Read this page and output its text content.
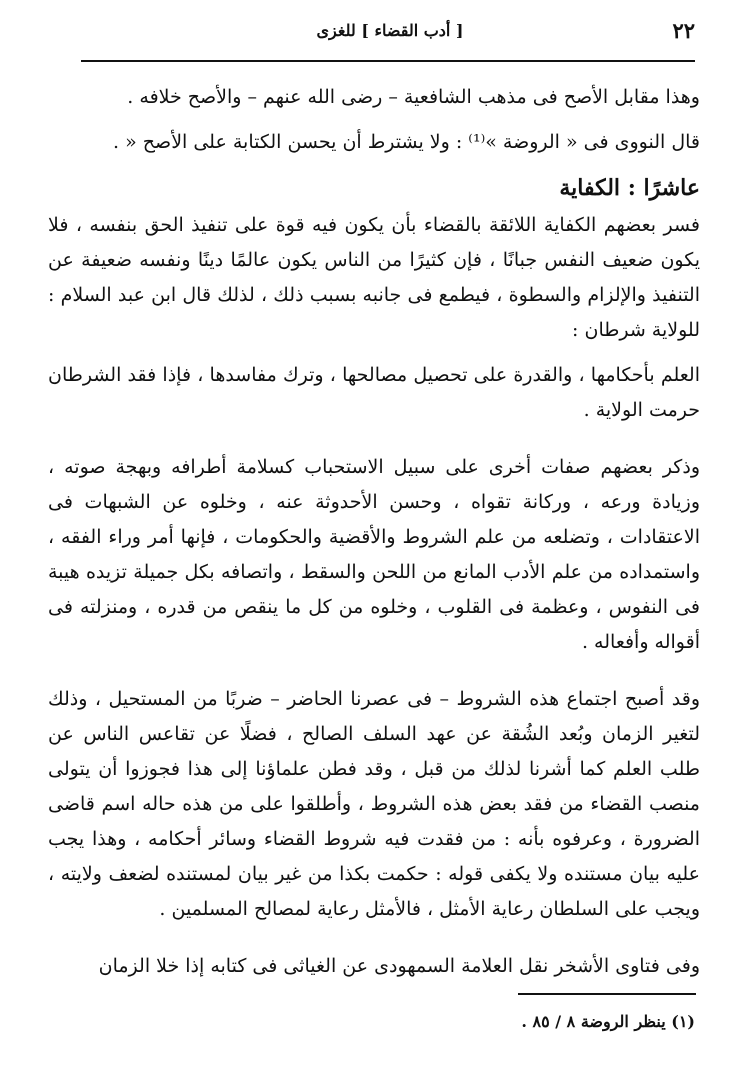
٢٢
[ أدب القضاء ] للغزى

وهذا مقابل الأصح فى مذهب الشافعية – رضى الله عنهم – والأصح خلافه .

قال النووى فى « الروضة »⁽¹⁾ : ولا يشترط أن يحسن الكتابة على الأصح « .

عاشرًا : الكفاية

فسر بعضهم الكفاية اللائقة بالقضاء بأن يكون فيه قوة على تنفيذ الحق بنفسه ، فلا يكون ضعيف النفس جبانًا ، فإن كثيرًا من الناس يكون عالمًا دينًا ونفسه ضعيفة عن التنفيذ والإلزام والسطوة ، فيطمع فى جانبه بسبب ذلك ، لذلك قال ابن عبد السلام : للولاية شرطان :

العلم بأحكامها ، والقدرة على تحصيل مصالحها ، وترك مفاسدها ، فإذا فقد الشرطان حرمت الولاية .

وذكر بعضهم صفات أخرى على سبيل الاستحباب كسلامة أطرافه وبهجة صوته ، وزيادة ورعه ، وركانة تقواه ، وحسن الأحدوثة عنه ، وخلوه عن الشبهات فى الاعتقادات ، وتضلعه من علم الشروط والأقضية والحكومات ، فإنها أمر وراء الفقه ، واستمداده من علم الأدب المانع من اللحن والسقط ، واتصافه بكل جميلة تزيده هيبة فى النفوس ، وعظمة فى القلوب ، وخلوه من كل ما ينقص من قدره ، ومنزلته فى أقواله وأفعاله .

وقد أصبح اجتماع هذه الشروط – فى عصرنا الحاضر – ضربًا من المستحيل ، وذلك لتغير الزمان وبُعد الشُقة عن عهد السلف الصالح ، فضلًا عن تقاعس الناس عن طلب العلم كما أشرنا لذلك من قبل ، وقد فطن علماؤنا إلى هذا فجوزوا أن يتولى منصب القضاء من فقد بعض هذه الشروط ، وأطلقوا على من هذه حاله اسم قاضى الضرورة ، وعرفوه بأنه : من فقدت فيه شروط القضاء وسائر أحكامه ، وهذا يجب عليه بيان مستنده ولا يكفى قوله : حكمت بكذا من غير بيان لمستنده لضعف ولايته ، ويجب على السلطان رعاية الأمثل ، فالأمثل رعاية لمصالح المسلمين .

وفى فتاوى الأشخر نقل العلامة السمهودى عن الغياثى فى كتابه إذا خلا الزمان

(١) ينظر الروضة ٨ / ٨٥ .
